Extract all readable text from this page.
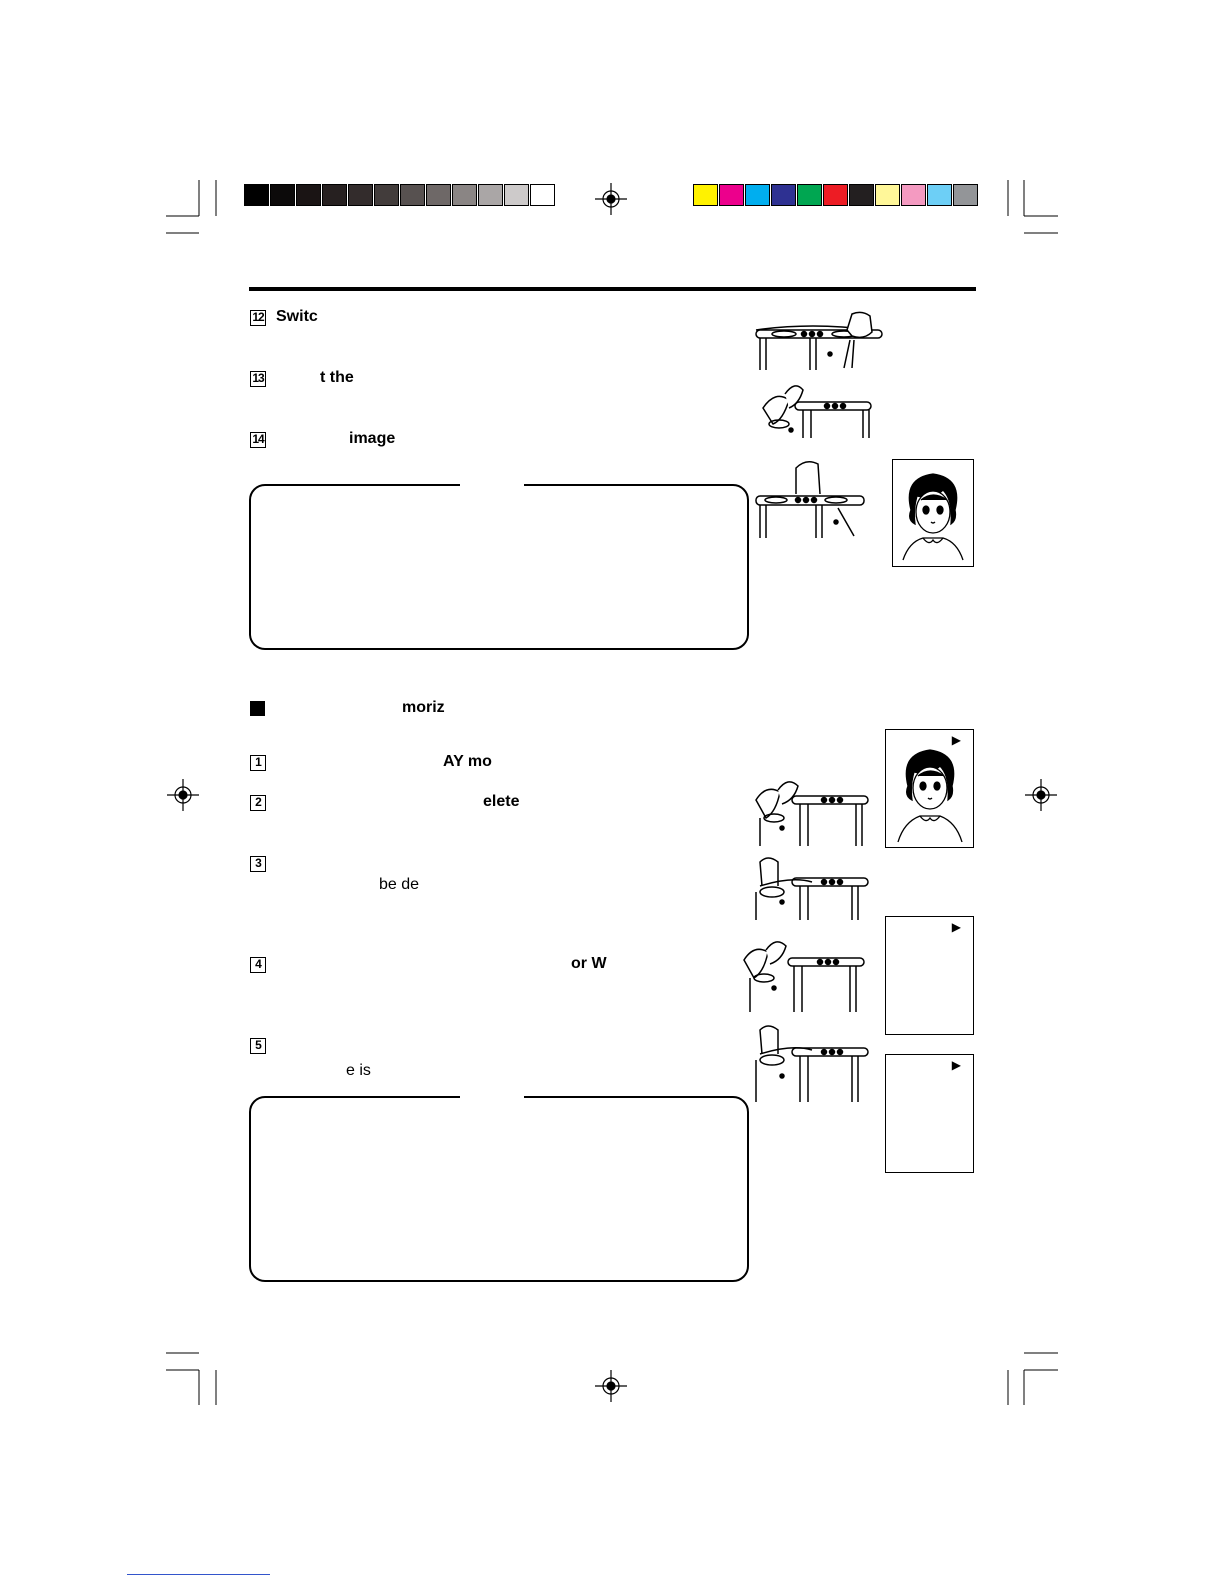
12 Switc
13	t the
14	image
moriz
1	AY mo
2	elete
3
be de
4	or W
5
e is
▶
▶
▶
